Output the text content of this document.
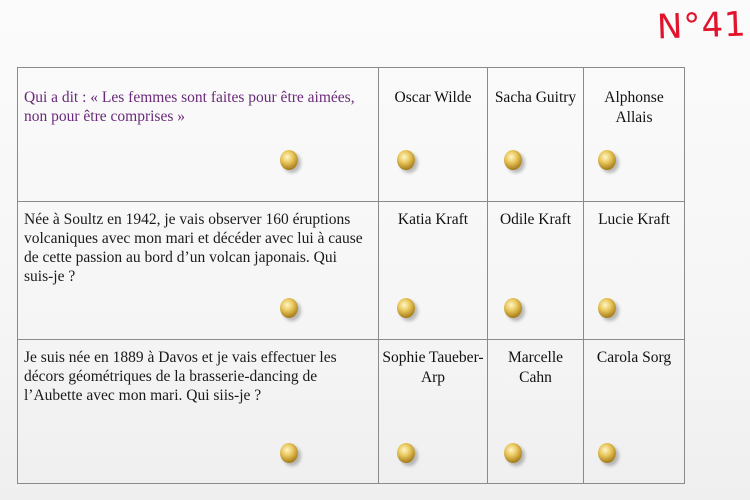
N°41
Qui a dit : « Les femmes sont faites pour être aimées, non pour être comprises »	Oscar Wilde	Sacha Guitry	Alphonse Allais

Née à Soultz en 1942, je vais observer 160 éruptions volcaniques avec mon mari et décéder avec lui à cause de cette passion au bord d’un volcan japonais. Qui suis-je ?	Katia Kraft	Odile Kraft	Lucie Kraft

Je suis née en 1889 à Davos et je vais effectuer les décors géométriques de la brasserie-dancing de l’Aubette avec mon mari. Qui siis-je ?	Sophie Taueber-Arp	Marcelle Cahn	Carola Sorg
